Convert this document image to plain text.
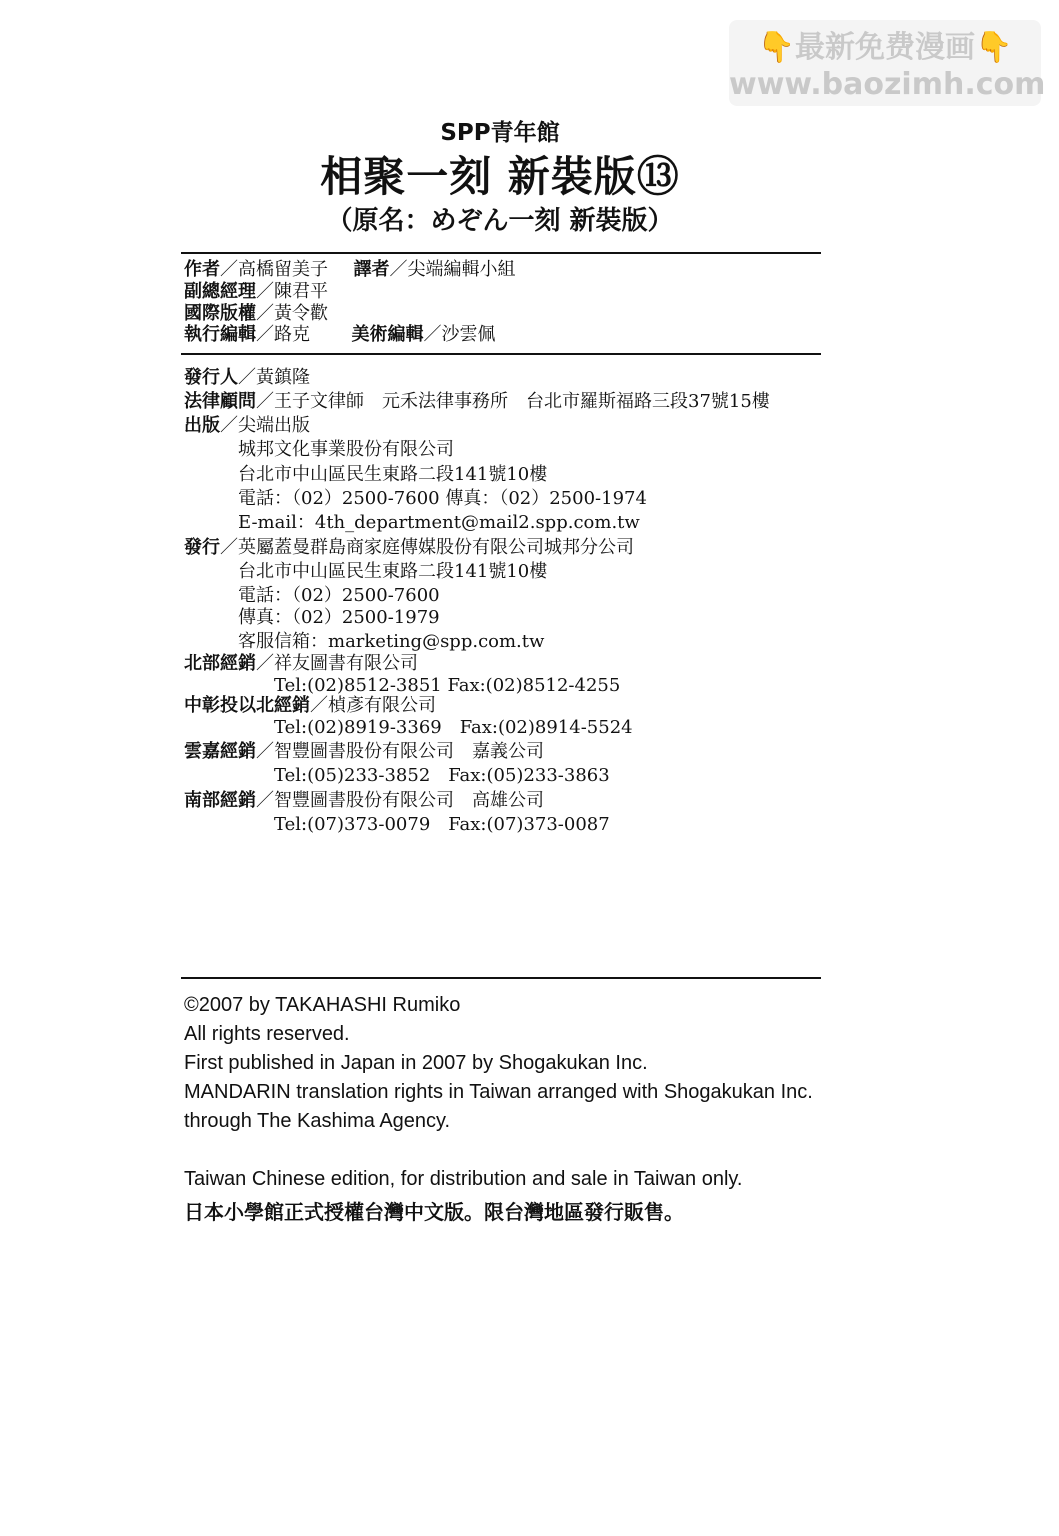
👇最新免费漫画👇
www.baozimh.com
SPP青年館
相聚一刻 新裝版⑬
（原名：めぞん一刻 新裝版）
作者／高橋留美子 譯者／尖端編輯小組
副總經理／陳君平
國際版權／黃令歡
執行編輯／路克 美術編輯／沙雲佩
發行人／黃鎮隆
法律顧問／王子文律師　元禾法律事務所　台北市羅斯福路三段37號15樓
出版／尖端出版
城邦文化事業股份有限公司
台北市中山區民生東路二段141號10樓
電話：（02）2500-7600 傳真：（02）2500-1974
E-mail：4th_department@mail2.spp.com.tw
發行／英屬蓋曼群島商家庭傳媒股份有限公司城邦分公司
台北市中山區民生東路二段141號10樓
電話：（02）2500-7600
傳真：（02）2500-1979
客服信箱：marketing@spp.com.tw
北部經銷／祥友圖書有限公司
Tel:(02)8512-3851 Fax:(02)8512-4255
中彰投以北經銷／楨彥有限公司
Tel:(02)8919-3369　Fax:(02)8914-5524
雲嘉經銷／智豐圖書股份有限公司　嘉義公司
Tel:(05)233-3852　Fax:(05)233-3863
南部經銷／智豐圖書股份有限公司　高雄公司
Tel:(07)373-0079　Fax:(07)373-0087
©2007 by TAKAHASHI Rumiko
All rights reserved.
First published in Japan in 2007 by Shogakukan Inc.
MANDARIN translation rights in Taiwan arranged with Shogakukan Inc.
through The Kashima Agency.
Taiwan Chinese edition, for distribution and sale in Taiwan only.
日本小學館正式授權台灣中文版。限台灣地區發行販售。
